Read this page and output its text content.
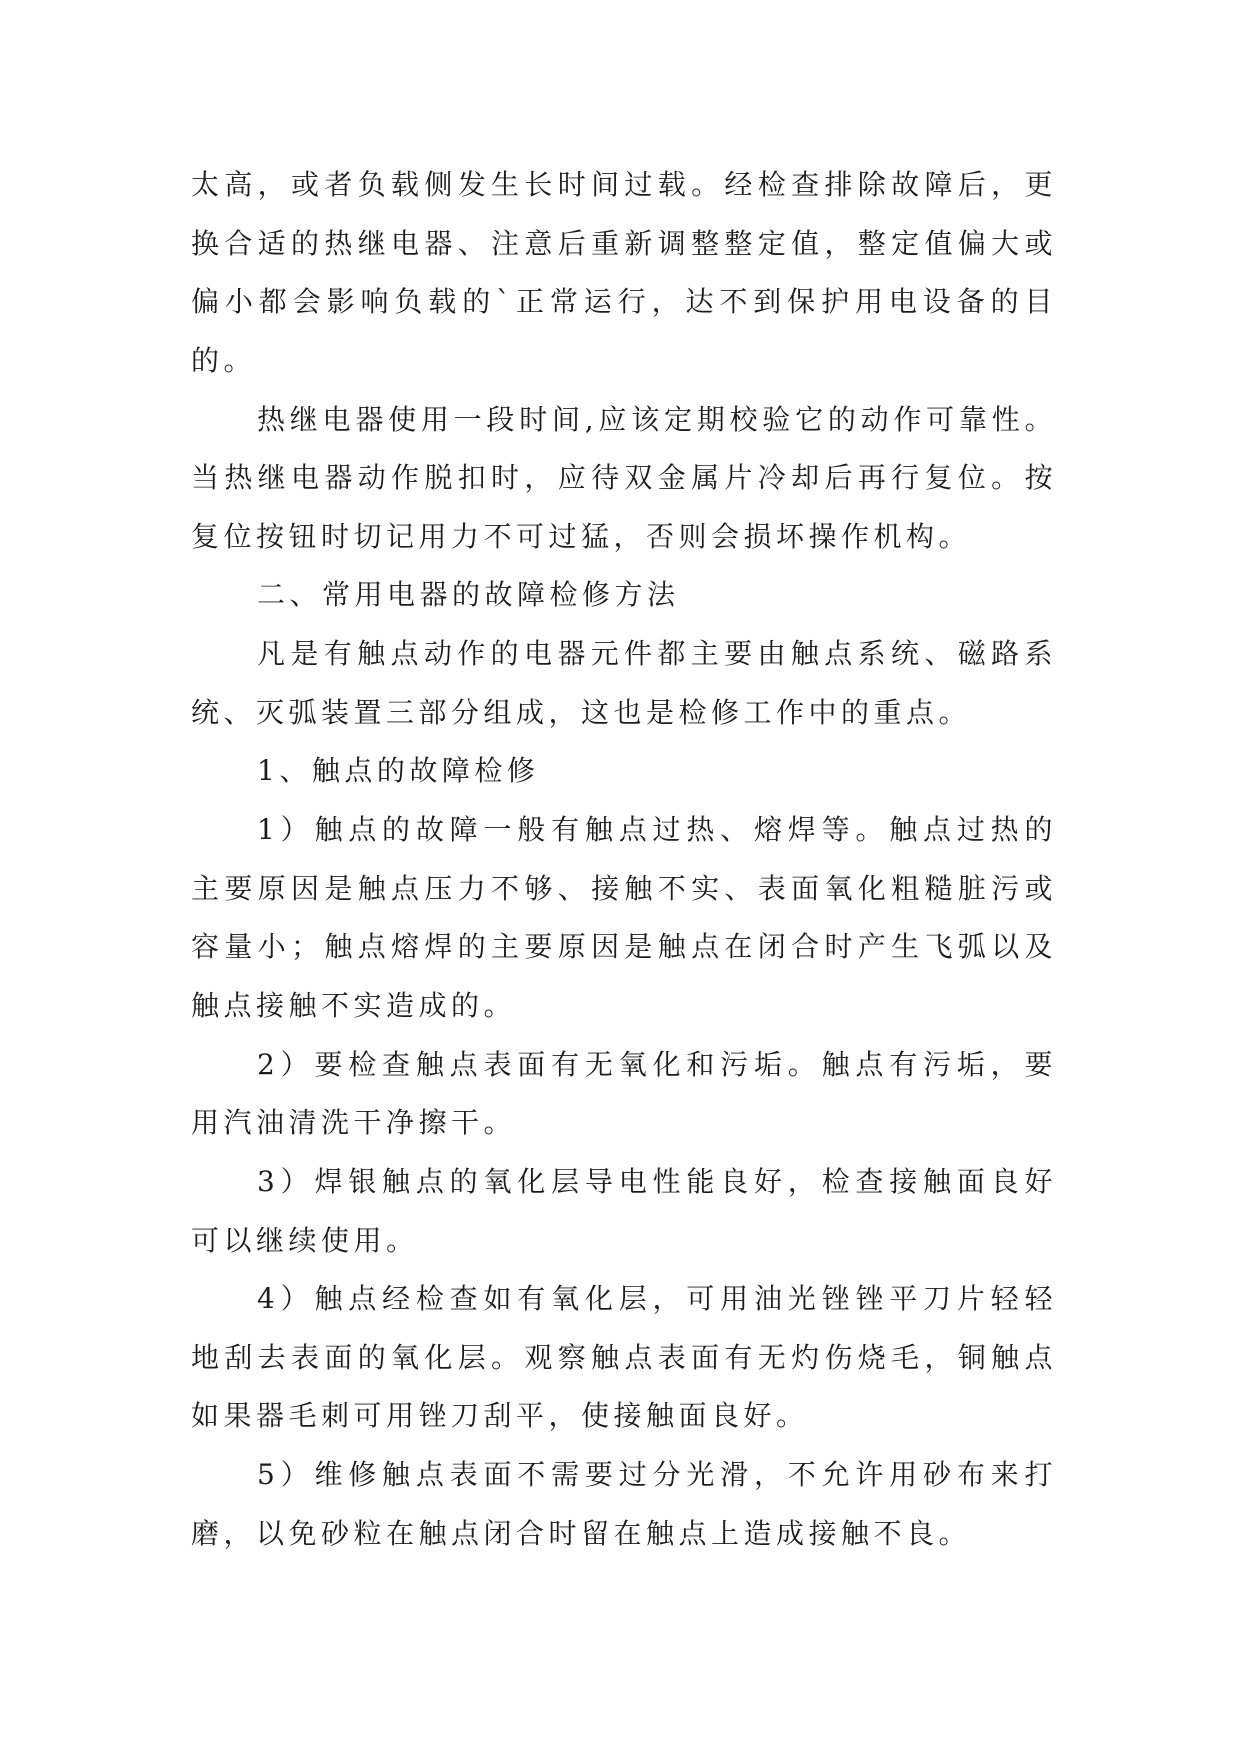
太高，或者负载侧发生长时间过载。经检查排除故障后，更
换合适的热继电器、注意后重新调整整定值，整定值偏大或
偏小都会影响负载的`正常运行，达不到保护用电设备的目
的。
热继电器使用一段时间,应该定期校验它的动作可靠性。
当热继电器动作脱扣时，应待双金属片冷却后再行复位。按
复位按钮时切记用力不可过猛，否则会损坏操作机构。
二、常用电器的故障检修方法
凡是有触点动作的电器元件都主要由触点系统、磁路系
统、灭弧装置三部分组成，这也是检修工作中的重点。
1、触点的故障检修
1）触点的故障一般有触点过热、熔焊等。触点过热的
主要原因是触点压力不够、接触不实、表面氧化粗糙脏污或
容量小；触点熔焊的主要原因是触点在闭合时产生飞弧以及
触点接触不实造成的。
2）要检查触点表面有无氧化和污垢。触点有污垢，要
用汽油清洗干净擦干。
3）焊银触点的氧化层导电性能良好，检查接触面良好
可以继续使用。
4）触点经检查如有氧化层，可用油光锉锉平刀片轻轻
地刮去表面的氧化层。观察触点表面有无灼伤烧毛，铜触点
如果器毛刺可用锉刀刮平，使接触面良好。
5）维修触点表面不需要过分光滑，不允许用砂布来打
磨，以免砂粒在触点闭合时留在触点上造成接触不良。
